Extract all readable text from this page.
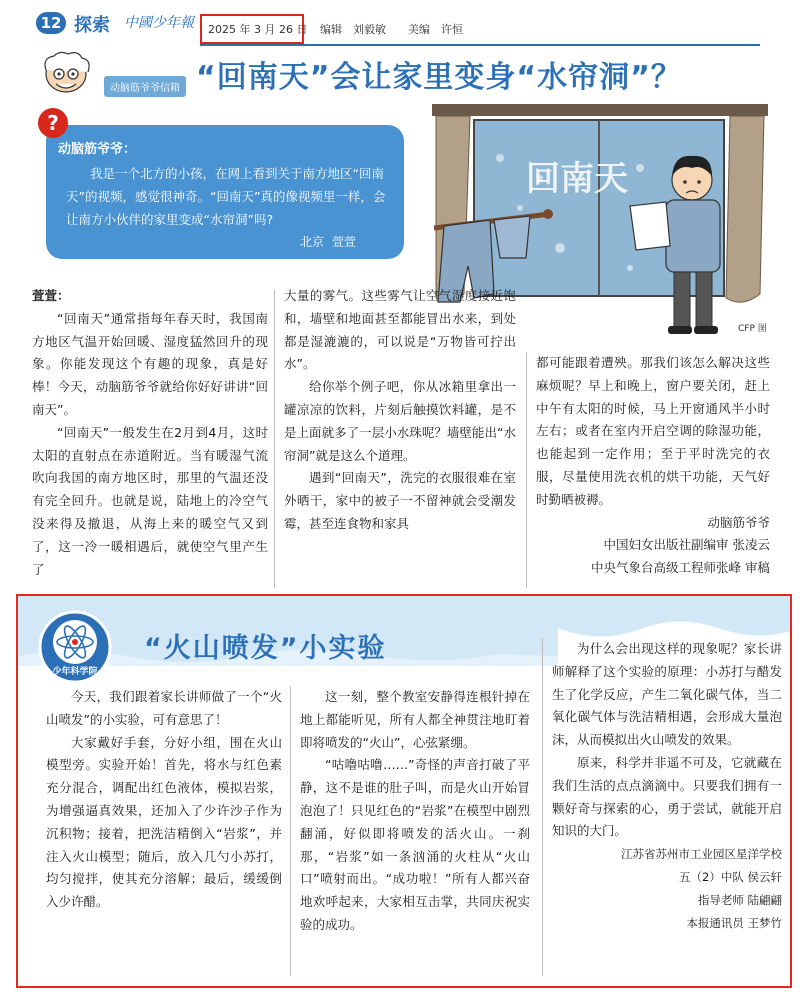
12 探索 中國少年報 2025 年 3 月 26 日 编辑　刘毅敏　　美编　许恒
动脑筋爷爷信箱 “回南天”会让家里变身“水帘洞”？
?
动脑筋爷爷：
我是一个北方的小孩，在网上看到关于南方地区“回南天”的视频，感觉很神奇。“回南天”真的像视频里一样，会让南方小伙伴的家里变成“水帘洞”吗?
北京 萱萱
回南天
CFP 图

萱萱：

“回南天”通常指每年春天时，我国南方地区气温开始回暖、湿度猛然回升的现象。你能发现这个有趣的现象，真是好棒！今天，动脑筋爷爷就给你好好讲讲“回南天”。

“回南天”一般发生在2月到4月，这时太阳的直射点在赤道附近。当有暖湿气流吹向我国的南方地区时，那里的气温还没有完全回升。也就是说，陆地上的冷空气没来得及撤退，从海上来的暖空气又到了，这一冷一暖相遇后，就使空气里产生了

大量的雾气。这些雾气让空气湿度接近饱和，墙壁和地面甚至都能冒出水来，到处都是湿漉漉的，可以说是“万物皆可拧出水”。

给你举个例子吧，你从冰箱里拿出一罐凉凉的饮料，片刻后触摸饮料罐，是不是上面就多了一层小水珠呢？墙壁能出“水帘洞”就是这么个道理。

遇到“回南天”，洗完的衣服很难在室外晒干，家中的被子一不留神就会受潮发霉，甚至连食物和家具

都可能跟着遭殃。那我们该怎么解决这些麻烦呢？早上和晚上，窗户要关闭，赶上中午有太阳的时候，马上开窗通风半小时左右；或者在室内开启空调的除湿功能，也能起到一定作用；至于平时洗完的衣服，尽量使用洗衣机的烘干功能，天气好时勤晒被褥。

动脑筋爷爷

中国妇女出版社副编审 张凌云

中央气象台高级工程师张峰 审稿

少年科学院
“火山喷发”小实验

今天，我们跟着家长讲师做了一个“火山喷发”的小实验，可有意思了！

大家戴好手套，分好小组，围在火山模型旁。实验开始！首先，将水与红色素充分混合，调配出红色液体，模拟岩浆，为增强逼真效果，还加入了少许沙子作为沉积物；接着，把洗洁精倒入“岩浆”，并注入火山模型；随后，放入几勺小苏打，均匀搅拌，使其充分溶解；最后，缓缓倒入少许醋。

这一刻，整个教室安静得连根针掉在地上都能听见，所有人都全神贯注地盯着即将喷发的“火山”，心弦紧绷。

“咕噜咕噜……”奇怪的声音打破了平静，这不是谁的肚子叫，而是火山开始冒泡泡了！只见红色的“岩浆”在模型中剧烈翻涌，好似即将喷发的活火山。一刹那，“岩浆”如一条汹涌的火柱从“火山口”喷射而出。“成功啦！”所有人都兴奋地欢呼起来，大家相互击掌，共同庆祝实验的成功。

为什么会出现这样的现象呢？家长讲师解释了这个实验的原理：小苏打与醋发生了化学反应，产生二氧化碳气体，当二氧化碳气体与洗洁精相遇，会形成大量泡沫，从而模拟出火山喷发的效果。

原来，科学并非遥不可及，它就藏在我们生活的点点滴滴中。只要我们拥有一颗好奇与探索的心，勇于尝试，就能开启知识的大门。

江苏省苏州市工业园区星洋学校
五（2）中队 侯云轩
指导老师 陆翩翩
本报通讯员 王梦竹
